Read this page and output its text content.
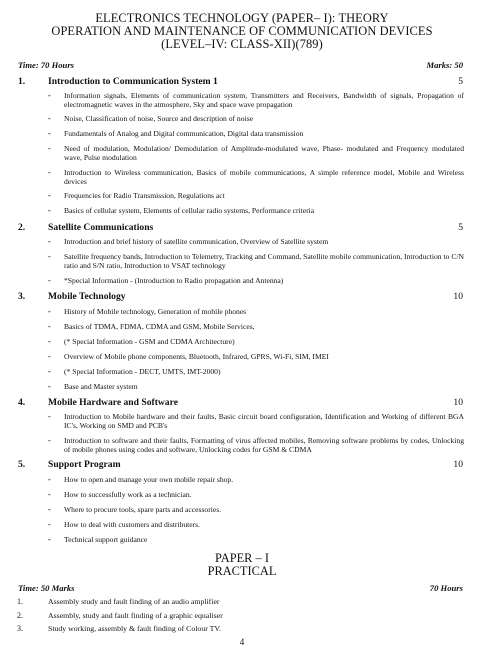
ELECTRONICS TECHNOLOGY (PAPER– I): THEORY
OPERATION AND MAINTENANCE OF COMMUNICATION DEVICES
(LEVEL–IV: CLASS-XII)(789)
Time: 70 Hours	Marks: 50
1. Introduction to Communication System 1	5
- Information signals, Elements of communication system, Transmitters and Receivers, Bandwidth of signals, Propagation of electromagnetic waves in the atmosphere, Sky and space wave propagation
- Noise, Classification of noise, Source and description of noise
- Fundamentals of Analog and Digital communication, Digital data transmission
- Need of modulation, Modulation/ Demodulation of Amplitude-modulated wave, Phase- modulated and Frequency modulated wave, Pulse modulation
- Introduction to Wireless communication, Basics of mobile communications, A simple reference model, Mobile and Wireless devices
- Frequencies for Radio Transmission, Regulations act
- Basics of cellular system, Elements of cellular radio systems, Performance criteria
2. Satellite Communications	5
- Introduction and brief history of satellite communication, Overview of Satellite system
- Satellite frequency bands, Introduction to Telemetry, Tracking and Command, Satellite mobile communication, Introduction to C/N ratio and S/N ratio, Introduction to VSAT technology
- *Special Information - (Introduction to Radio propagation and Antenna)
3. Mobile Technology	10
- History of Mobile technology, Generation of mobile phones
- Basics of TDMA, FDMA, CDMA and GSM, Mobile Services,
- (* Special Information - GSM and CDMA Architecture)
- Overview of Mobile phone components, Bluetooth, Infrared, GPRS, Wi-Fi, SIM, IMEI
- (* Special Information - DECT, UMTS, IMT-2000)
- Base and Master system
4. Mobile Hardware and Software	10
- Introduction to Mobile hardware and their faults, Basic circuit board configuration, Identification and Working of different BGA IC's, Working on SMD and PCB's
- Introduction to software and their faults, Formatting of virus affected mobiles, Removing software problems by codes, Unlocking of mobile phones using codes and software, Unlocking codes for GSM & CDMA
5. Support Program	10
- How to open and manage your own mobile repair shop.
- How to successfully work as a technician.
- Where to procure tools, spare parts and accessories.
- How to deal with customers and distributers.
- Technical support guidance
PAPER – I
PRACTICAL
Time: 50 Marks	70 Hours
1.	Assembly study and fault finding of an audio amplifier
2.	Assembly, study and fault finding of a graphic equaliser
3.	Study working, assembly & fault finding of Colour TV.
4
